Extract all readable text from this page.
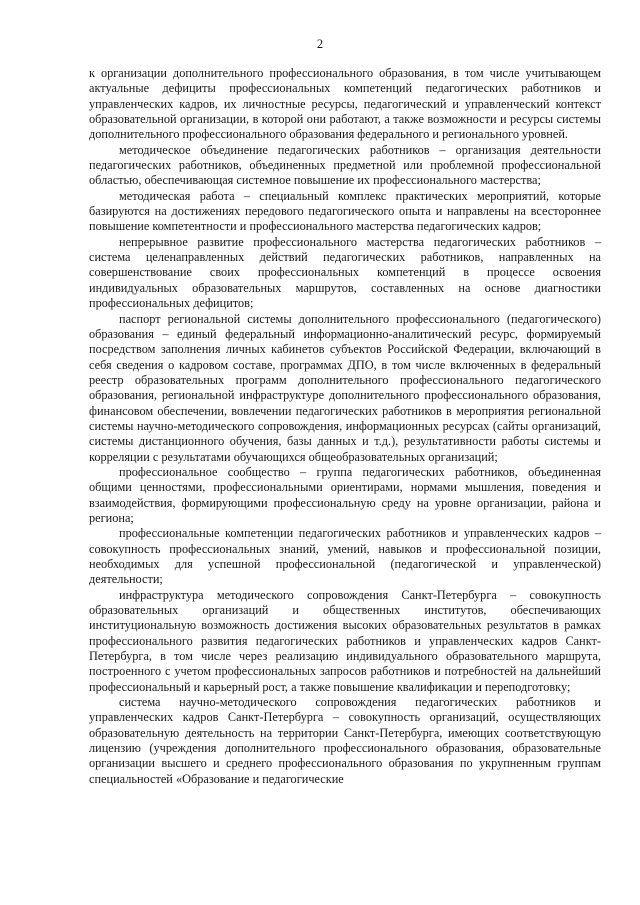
2

к организации дополнительного профессионального образования, в том числе учитывающем актуальные дефициты профессиональных компетенций педагогических работников и управленческих кадров, их личностные ресурсы, педагогический и управленческий контекст образовательной организации, в которой они работают, а также возможности и ресурсы системы дополнительного профессионального образования федерального и регионального уровней.

методическое объединение педагогических работников – организация деятельности педагогических работников, объединенных предметной или проблемной профессиональной областью, обеспечивающая системное повышение их профессионального мастерства;

методическая работа – специальный комплекс практических мероприятий, которые базируются на достижениях передового педагогического опыта и направлены на всестороннее повышение компетентности и профессионального мастерства педагогических кадров;

непрерывное развитие профессионального мастерства педагогических работников – система целенаправленных действий педагогических работников, направленных на совершенствование своих профессиональных компетенций в процессе освоения индивидуальных образовательных маршрутов, составленных на основе диагностики профессиональных дефицитов;

паспорт региональной системы дополнительного профессионального (педагогического) образования – единый федеральный информационно-аналитический ресурс, формируемый посредством заполнения личных кабинетов субъектов Российской Федерации, включающий в себя сведения о кадровом составе, программах ДПО, в том числе включенных в федеральный реестр образовательных программ дополнительного профессионального педагогического образования, региональной инфраструктуре дополнительного профессионального образования, финансовом обеспечении, вовлечении педагогических работников в мероприятия региональной системы научно-методического сопровождения, информационных ресурсах (сайты организаций, системы дистанционного обучения, базы данных и т.д.), результативности работы системы и корреляции с результатами обучающихся общеобразовательных организаций;

профессиональное сообщество – группа педагогических работников, объединенная общими ценностями, профессиональными ориентирами, нормами мышления, поведения и взаимодействия, формирующими профессиональную среду на уровне организации, района и региона;

профессиональные компетенции педагогических работников и управленческих кадров – совокупность профессиональных знаний, умений, навыков и профессиональной позиции, необходимых для успешной профессиональной (педагогической и управленческой) деятельности;

инфраструктура методического сопровождения Санкт-Петербурга – совокупность образовательных организаций и общественных институтов, обеспечивающих институциональную возможность достижения высоких образовательных результатов в рамках профессионального развития педагогических работников и управленческих кадров Санкт-Петербурга, в том числе через реализацию индивидуального образовательного маршрута, построенного с учетом профессиональных запросов работников и потребностей на дальнейший профессиональный и карьерный рост, а также повышение квалификации и переподготовку;

система научно-методического сопровождения педагогических работников и управленческих кадров Санкт-Петербурга – совокупность организаций, осуществляющих образовательную деятельность на территории Санкт-Петербурга, имеющих соответствующую лицензию (учреждения дополнительного профессионального образования, образовательные организации высшего и среднего профессионального образования по укрупненным группам специальностей «Образование и педагогические
